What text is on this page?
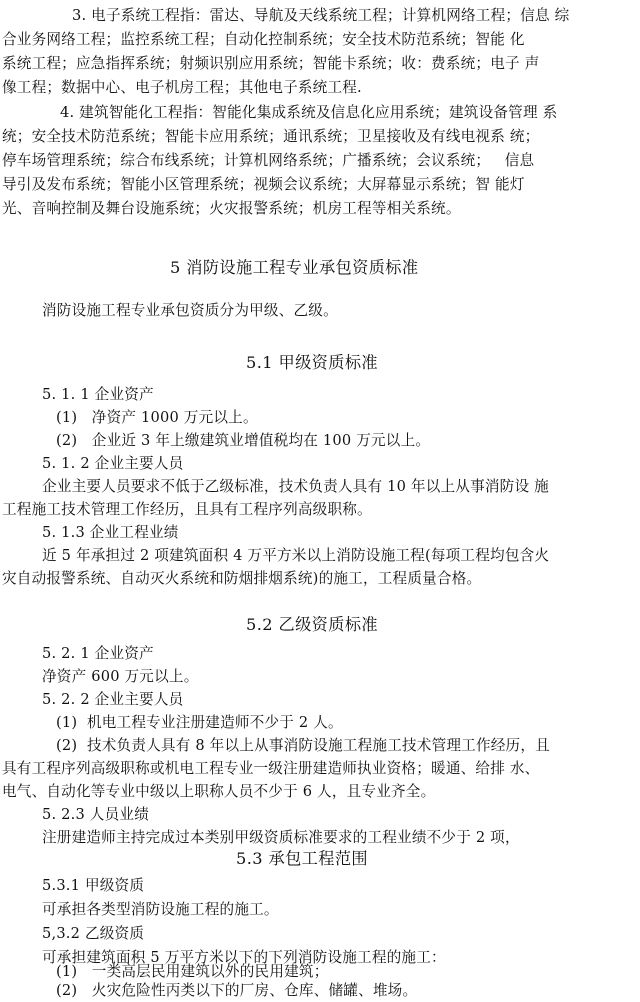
3. 电子系统工程指：雷达、导航及天线系统工程；计算机网络工程；信息 综
合业务网络工程；监控系统工程；自动化控制系统；安全技术防范系统；智能 化
系统工程；应急指挥系统；射频识别应用系统；智能卡系统；收：费系统；电子 声
像工程；数据中心、电子机房工程；其他电子系统工程.
4. 建筑智能化工程指：智能化集成系统及信息化应用系统；建筑设备管理 系
统；安全技术防范系统；智能卡应用系统；通讯系统；卫星接收及有线电视系 统；
停车场管理系统；综合布线系统；计算机网络系统；广播系统；会议系统；   信息
导引及发布系统；智能小区管理系统；视频会议系统；大屏幕显示系统；智 能灯
光、音响控制及舞台设施系统；火灾报警系统；机房工程等相关系统。
5 消防设施工程专业承包资质标准
消防设施工程专业承包资质分为甲级、乙级。
5.1 甲级资质标准
5. 1. 1 企业资产
(1)   净资产 1000 万元以上。
(2)   企业近 3 年上缴建筑业增值税均在 100 万元以上。
5. 1. 2 企业主要人员
企业主要人员要求不低于乙级标准，技术负责人具有 10 年以上从事消防设 施
工程施工技术管理工作经历，且具有工程序列高级职称。
5. 1.3 企业工程业绩
近 5 年承担过 2 项建筑面积 4 万平方米以上消防设施工程(每项工程均包含火
灾自动报警系统、自动灭火系统和防烟排烟系统)的施工，工程质量合格。
5.2 乙级资质标准
5. 2. 1 企业资产
净资产 600 万元以上。
5. 2. 2 企业主要人员
(1)  机电工程专业注册建造师不少于 2 人。
(2)  技术负责人具有 8 年以上从事消防设施工程施工技术管理工作经历，且
具有工程序列高级职称或机电工程专业一级注册建造师执业资格；暖通、给排 水、
电气、自动化等专业中级以上职称人员不少于 6 人，且专业齐全。
5. 2.3 人员业绩
注册建造师主持完成过本类别甲级资质标准要求的工程业绩不少于 2 项，
5.3 承包工程范围
5.3.1 甲级资质
可承担各类型消防设施工程的施工。
5,3.2 乙级资质
可承担建筑面积 5 万平方米以下的下列消防设施工程的施工：
(1)   一类高层民用建筑以外的民用建筑；
(2)   火灾危险性丙类以下的厂房、仓库、储罐、堆场。
